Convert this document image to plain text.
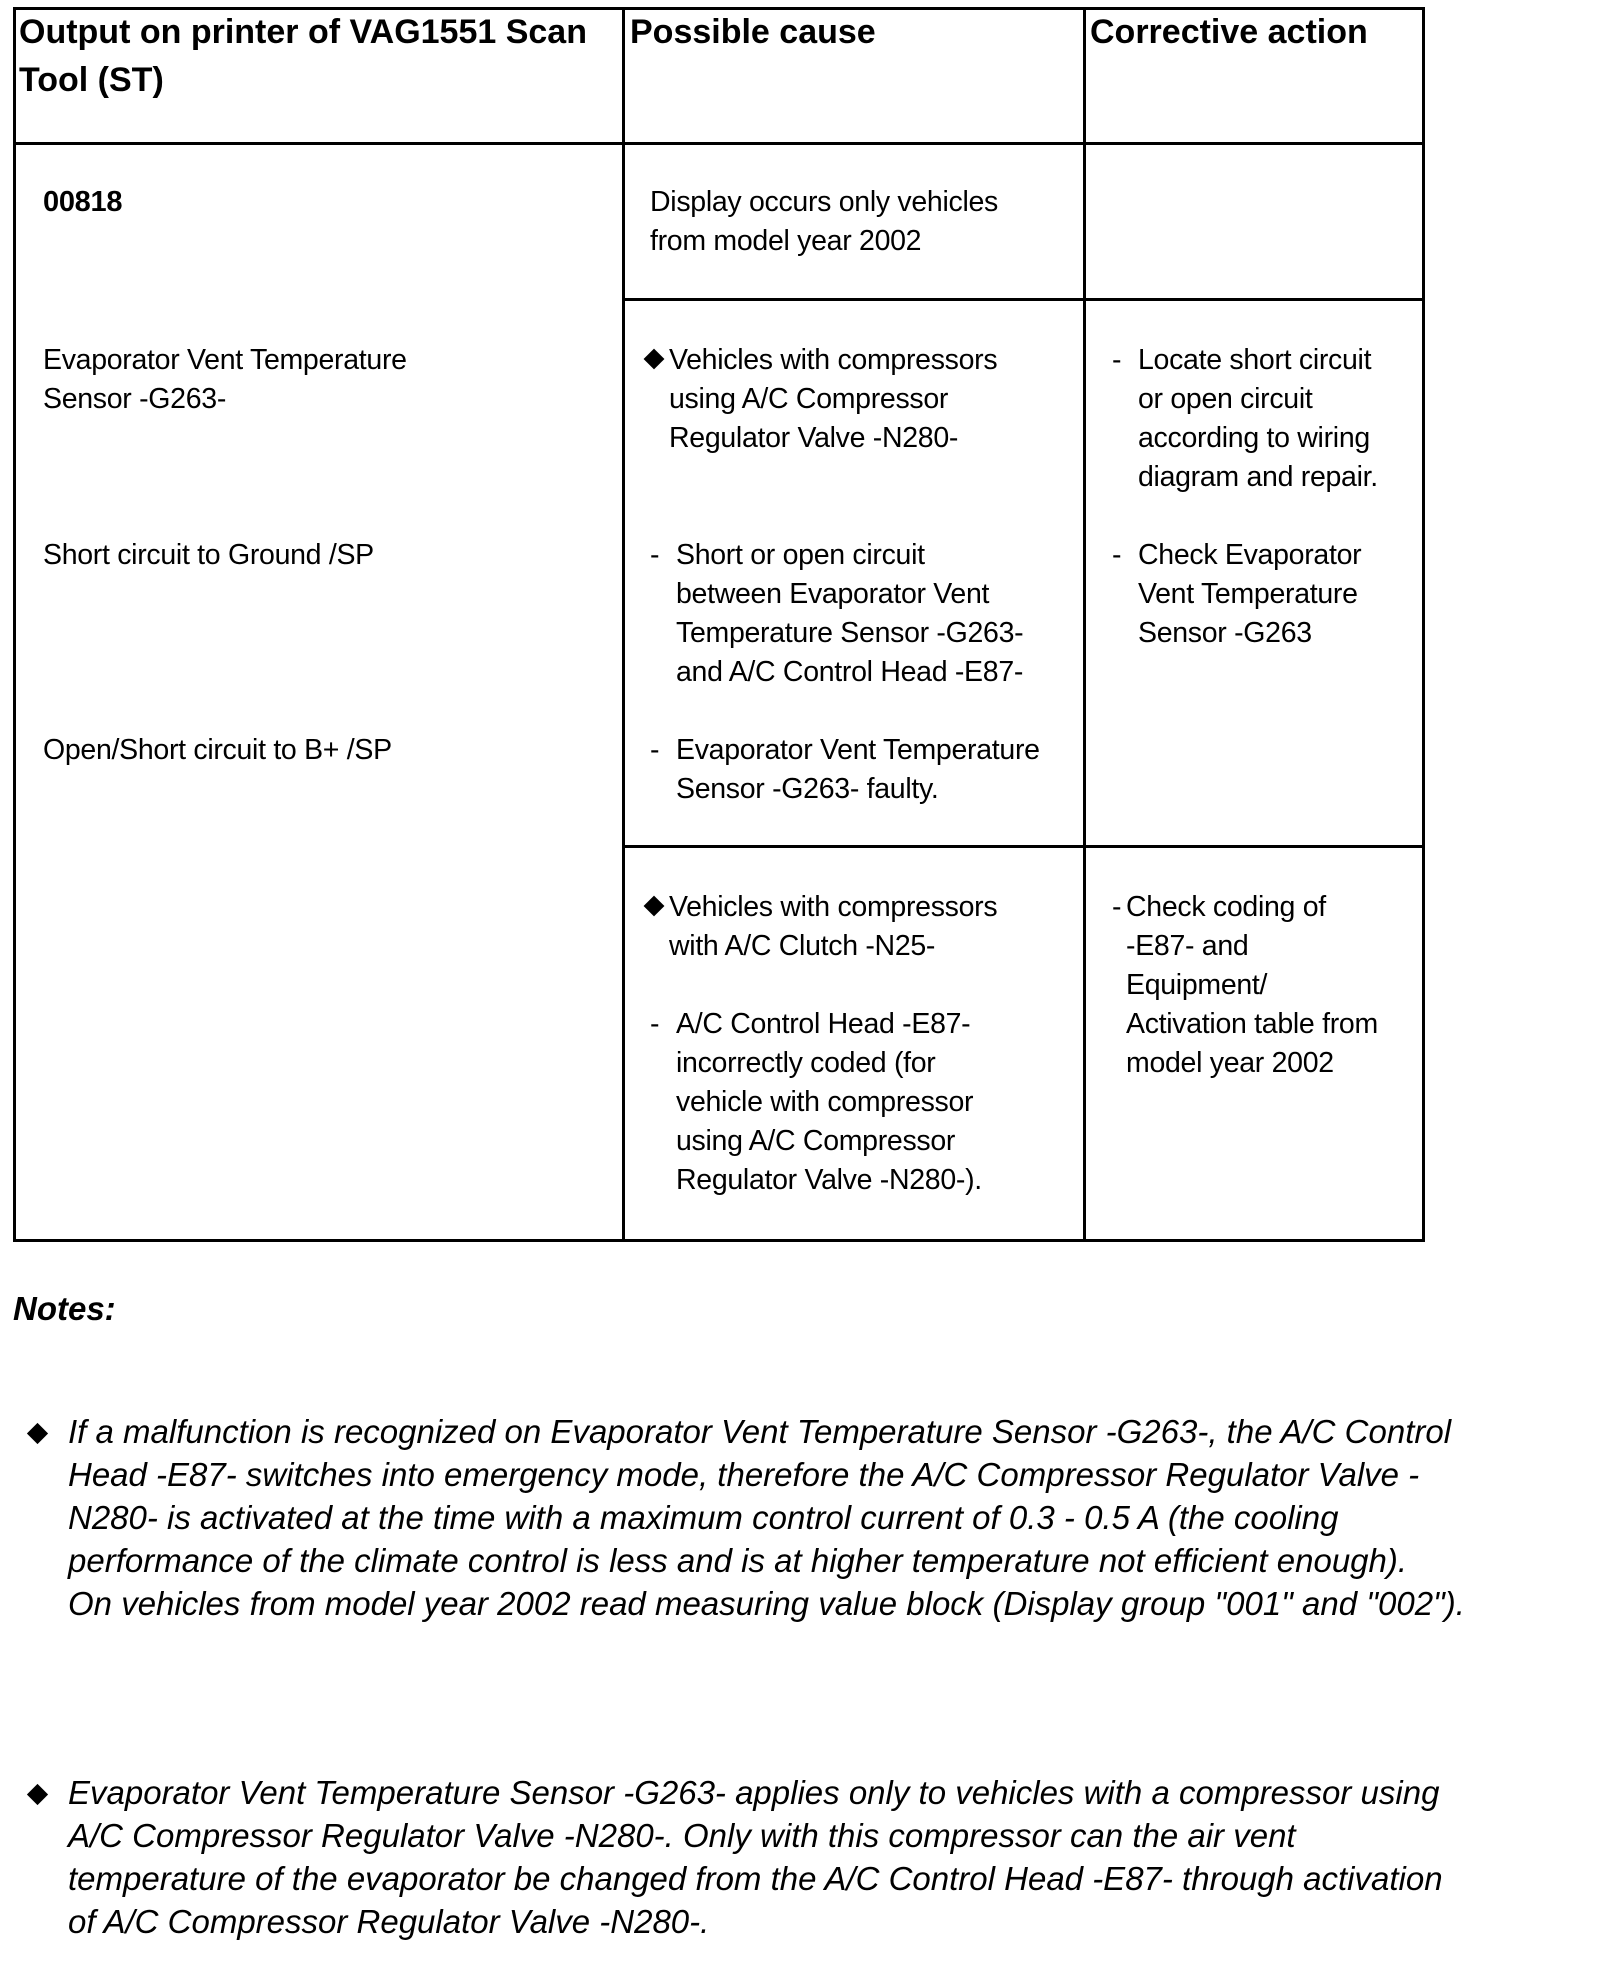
Output on printer of VAG1551 Scan
Tool (ST)
Possible cause	Corrective action
00818
Evaporator Vent Temperature
Sensor -G263-
Short circuit to Ground /SP
Open/Short circuit to B+ /SP
Display occurs only vehicles
from model year 2002
Vehicles with compressors
using A/C Compressor
Regulator Valve -N280-
- Short or open circuit
between Evaporator Vent
Temperature Sensor -G263-
and A/C Control Head -E87-
- Evaporator Vent Temperature
Sensor -G263- faulty.
- Locate short circuit
or open circuit
according to wiring
diagram and repair.
- Check Evaporator
Vent Temperature
Sensor -G263
Vehicles with compressors
with A/C Clutch -N25-
- A/C Control Head -E87-
incorrectly coded (for
vehicle with compressor
using A/C Compressor
Regulator Valve -N280-).
- Check coding of
-E87- and
Equipment/
Activation table from
model year 2002
Notes:
If a malfunction is recognized on Evaporator Vent Temperature Sensor -G263-, the A/C Control
Head -E87- switches into emergency mode, therefore the A/C Compressor Regulator Valve -
N280- is activated at the time with a maximum control current of 0.3 - 0.5 A (the cooling
performance of the climate control is less and is at higher temperature not efficient enough).
On vehicles from model year 2002 read measuring value block (Display group "001" and "002").
Evaporator Vent Temperature Sensor -G263- applies only to vehicles with a compressor using
A/C Compressor Regulator Valve -N280-. Only with this compressor can the air vent
temperature of the evaporator be changed from the A/C Control Head -E87- through activation
of A/C Compressor Regulator Valve -N280-.
